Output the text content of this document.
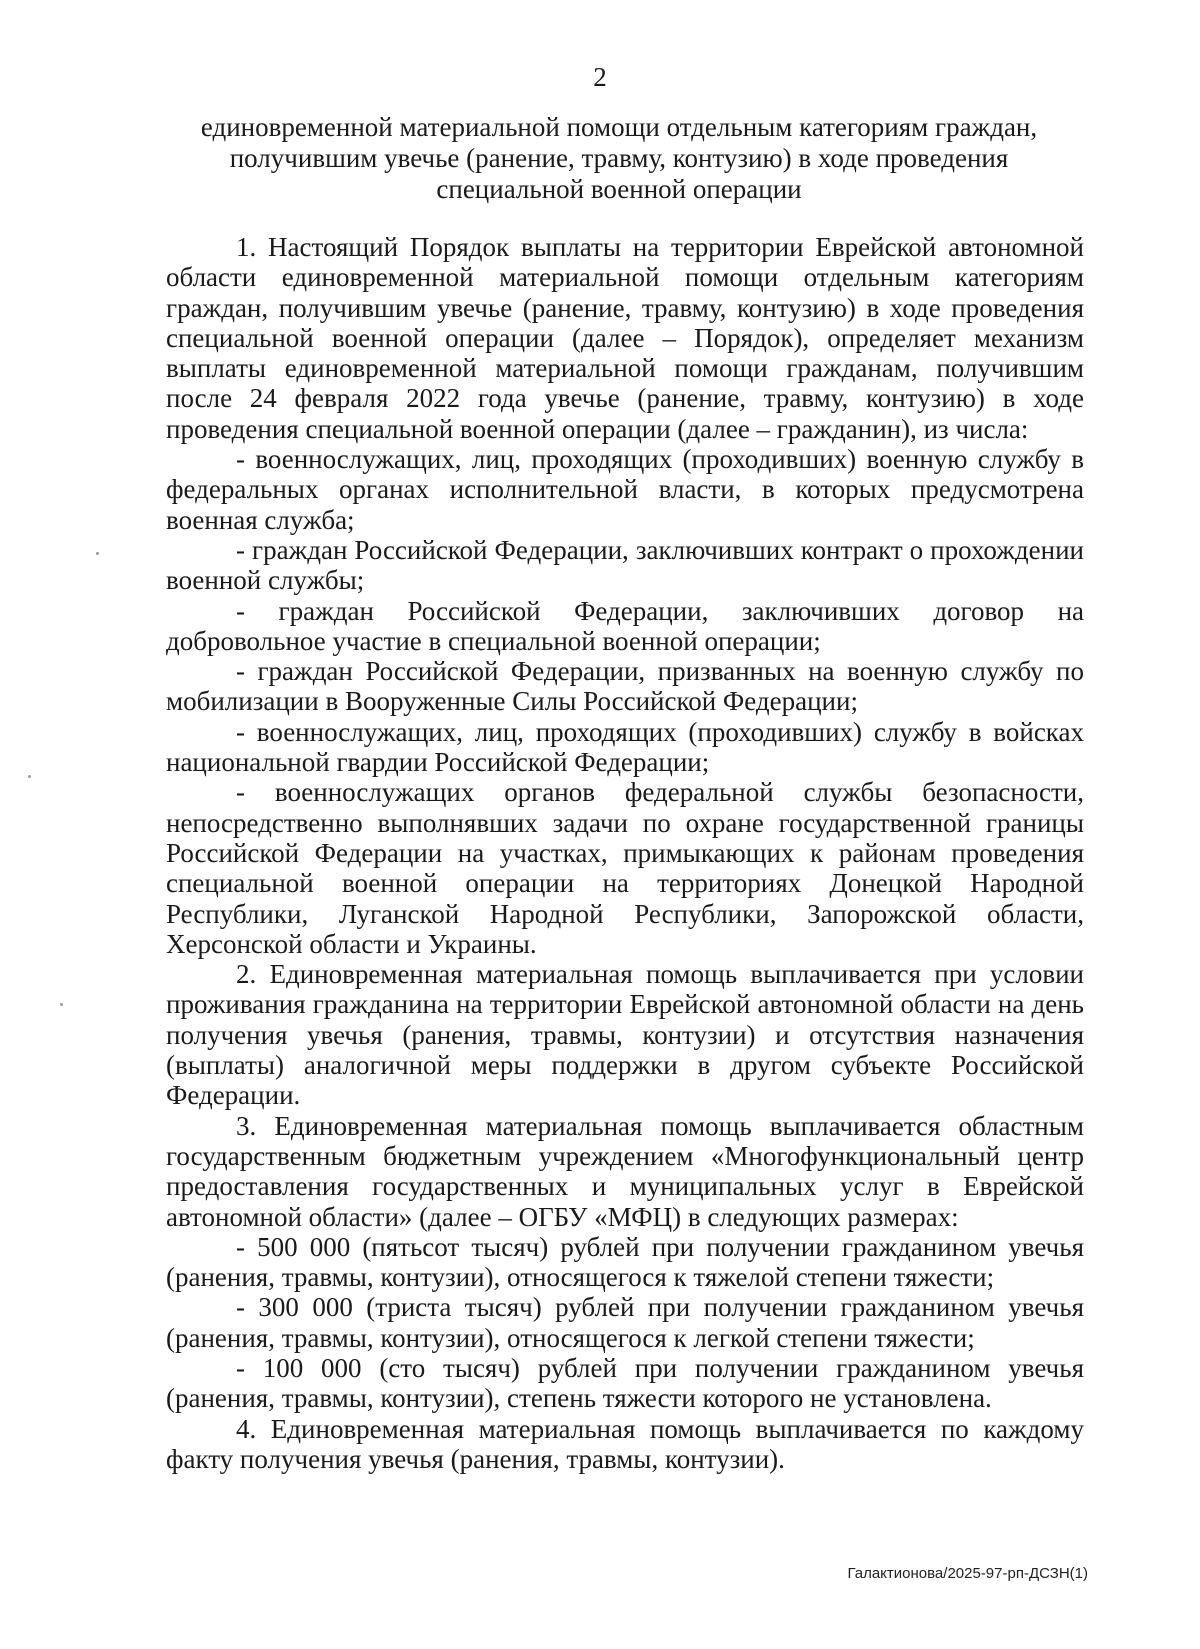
2
единовременной материальной помощи отдельным категориям граждан,
получившим увечье (ранение, травму, контузию) в ходе проведения
специальной военной операции

1. Настоящий Порядок выплаты на территории Еврейской автономной области единовременной материальной помощи отдельным категориям граждан, получившим увечье (ранение, травму, контузию) в ходе проведения специальной военной операции (далее – Порядок), определяет механизм выплаты единовременной материальной помощи гражданам, получившим после 24 февраля 2022 года увечье (ранение, травму, контузию) в ходе проведения специальной военной операции (далее – гражданин), из числа:

- военнослужащих, лиц, проходящих (проходивших) военную службу в федеральных органах исполнительной власти, в которых предусмотрена военная служба;

- граждан Российской Федерации, заключивших контракт о прохождении военной службы;

- граждан Российской Федерации, заключивших договор на добровольное участие в специальной военной операции;

- граждан Российской Федерации, призванных на военную службу по мобилизации в Вооруженные Силы Российской Федерации;

- военнослужащих, лиц, проходящих (проходивших) службу в войсках национальной гвардии Российской Федерации;

- военнослужащих органов федеральной службы безопасности, непосредственно выполнявших задачи по охране государственной границы Российской Федерации на участках, примыкающих к районам проведения специальной военной операции на территориях Донецкой Народной Республики, Луганской Народной Республики, Запорожской области, Херсонской области и Украины.

2. Единовременная материальная помощь выплачивается при условии проживания гражданина на территории Еврейской автономной области на день получения увечья (ранения, травмы, контузии) и отсутствия назначения (выплаты) аналогичной меры поддержки в другом субъекте Российской Федерации.

3. Единовременная материальная помощь выплачивается областным государственным бюджетным учреждением «Многофункциональный центр предоставления государственных и муниципальных услуг в Еврейской автономной области» (далее – ОГБУ «МФЦ) в следующих размерах:

- 500 000 (пятьсот тысяч) рублей при получении гражданином увечья (ранения, травмы, контузии), относящегося к тяжелой степени тяжести;

- 300 000 (триста тысяч) рублей при получении гражданином увечья (ранения, травмы, контузии), относящегося к легкой степени тяжести;

- 100 000 (сто тысяч) рублей при получении гражданином увечья (ранения, травмы, контузии), степень тяжести которого не установлена.

4. Единовременная материальная помощь выплачивается по каждому факту получения увечья (ранения, травмы, контузии).

Галактионова/2025-97-рп-ДСЗН(1)
